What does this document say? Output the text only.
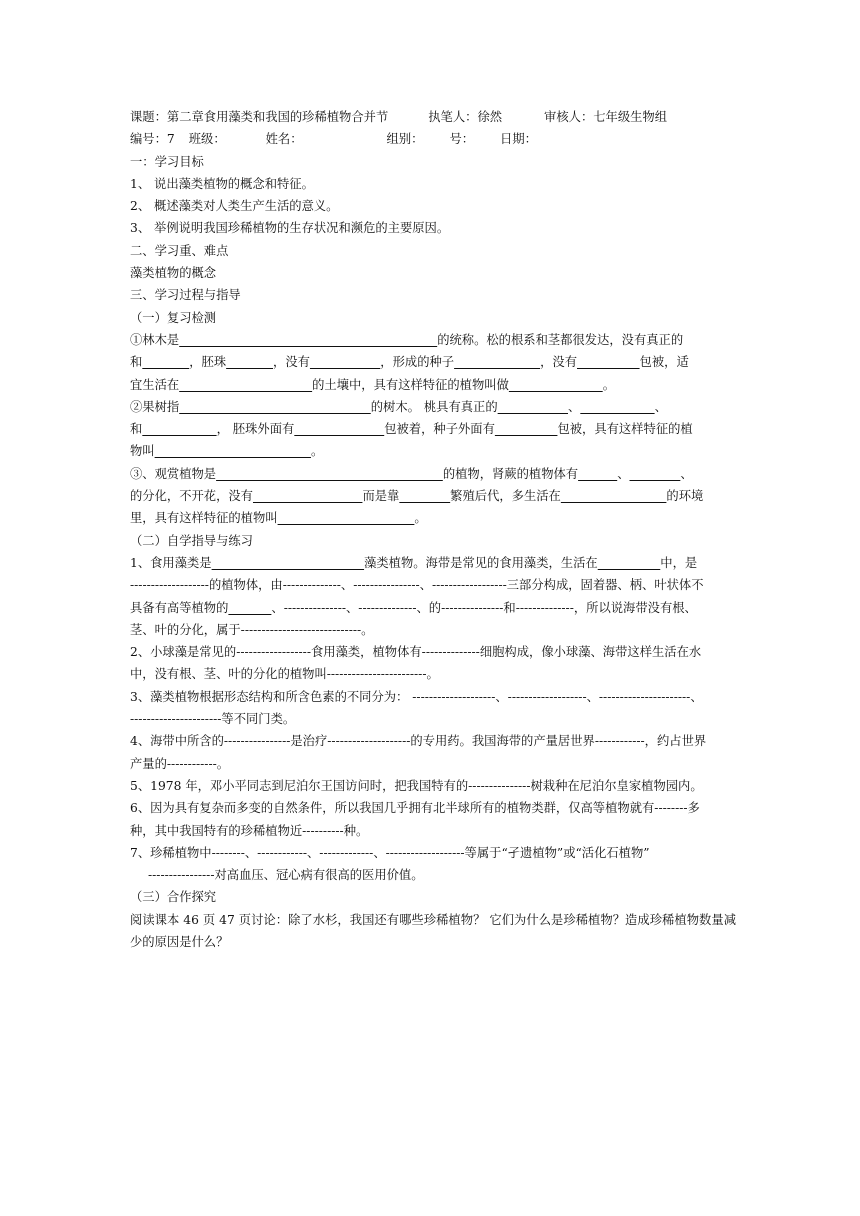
课题：第二章食用藻类和我国的珍稀植物合并节	执笔人：徐然	审核人：七年级生物组
编号：7 班级：	姓名：	组别： 号： 日期：
一：学习目标
1、 说出藻类植物的概念和特征。
2、 概述藻类对人类生产生活的意义。
3、 举例说明我国珍稀植物的生存状况和濒危的主要原因。
二、学习重、难点
藻类植物的概念
三、学习过程与指导
（一）复习检测
①林木是	的统称。松的根系和茎都很发达，没有真正的
和	，胚珠	，没有	，形成的种子	，没有	包被，适
宜生活在	的土壤中，具有这样特征的植物叫做	。
②果树指	的树木。 桃具有真正的	、	、
和	， 胚珠外面有	包被着，种子外面有	包被，具有这样特征的植
物叫	。
③、观赏植物是	的植物，肾蕨的植物体有	、	、
的分化，不开花，没有	而是靠	繁殖后代，多生活在	的环境
里，具有这样特征的植物叫	。
（二）自学指导与练习
1、食用藻类是	藻类植物。海带是常见的食用藻类，生活在	中，是
-------------------的植物体，由--------------、----------------、------------------三部分构成，固着器、柄、叶状体不
具备有高等植物的	、---------------、--------------、的---------------和--------------，所以说海带没有根、
茎、叶的分化，属于-----------------------------。
2、小球藻是常见的------------------食用藻类，植物体有--------------细胞构成，像小球藻、海带这样生活在水
中，没有根、茎、叶的分化的植物叫------------------------。
3、藻类植物根据形态结构和所含色素的不同分为： --------------------、-------------------、----------------------、
----------------------等不同门类。
4、海带中所含的----------------是治疗--------------------的专用药。我国海带的产量居世界------------，约占世界
产量的------------。
5、1978 年，邓小平同志到尼泊尔王国访问时，把我国特有的---------------树栽种在尼泊尔皇家植物园内。
6、因为具有复杂而多变的自然条件，所以我国几乎拥有北半球所有的植物类群，仅高等植物就有--------多
种，其中我国特有的珍稀植物近----------种。
7、珍稀植物中--------、------------、-------------、-------------------等属于“孑遗植物”或“活化石植物”
----------------对高血压、冠心病有很高的医用价值。
（三）合作探究
阅读课本 46 页 47 页讨论：除了水杉，我国还有哪些珍稀植物？ 它们为什么是珍稀植物？造成珍稀植物数量减少的原因是什么？
